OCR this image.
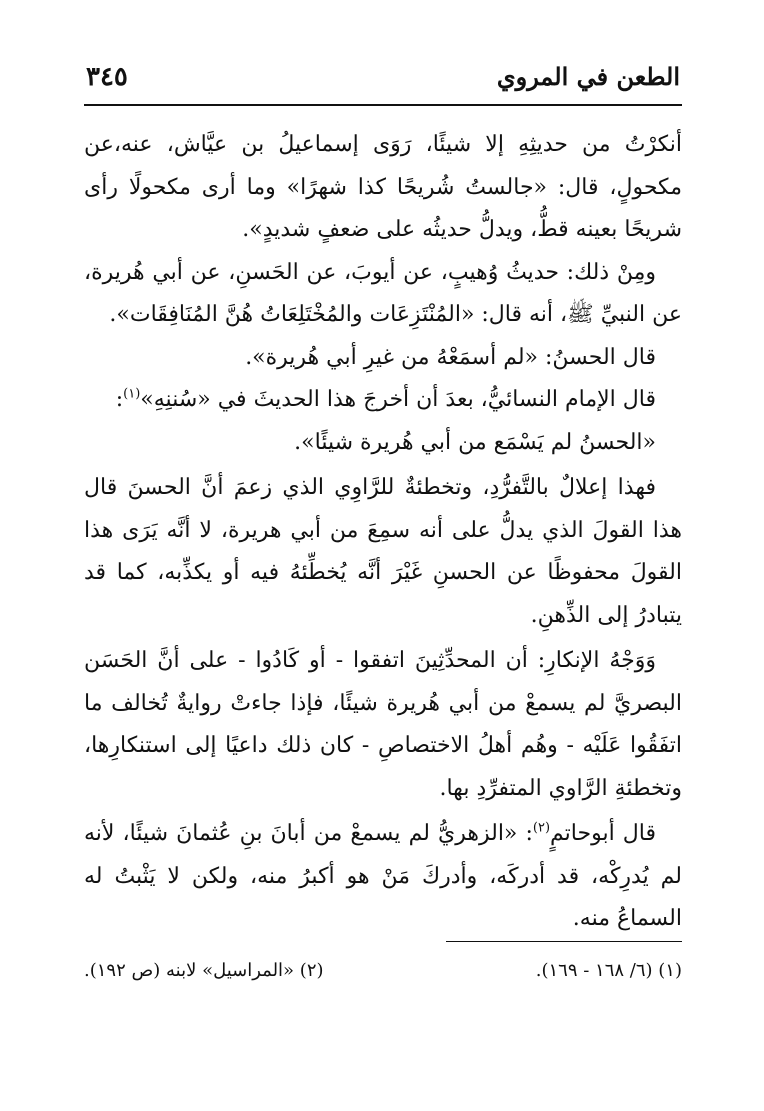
٣٤٥	الطعن في المروي

أنكرْتُ من حديثِهِ إلا شيئًا، رَوَى إسماعيلُ بن عيَّاش، عنه،عن مكحولٍ، قال: «جالستُ شُريحًا كذا شهرًا» وما أرى مكحولًا رأى شريحًا بعينه قطُّ، ويدلُّ حديثُه على ضعفٍ شديدٍ».

ومِنْ ذلك: حديثُ وُهيبٍ، عن أيوبَ، عن الحَسنِ، عن أبي هُريرة، عن النبيِّ ﷺ، أنه قال: «المُنْتَزِعَات والمُخْتَلِعَاتُ هُنَّ المُنَافِقَات».

قال الحسنُ: «لم أسمَعْهُ من غيرِ أبي هُريرة».

قال الإمام النسائيُّ، بعدَ أن أخرجَ هذا الحديثَ في «سُننِهِ»$^{(١)}$:

«الحسنُ لم يَسْمَع من أبي هُريرة شيئًا».

فهذا إعلالٌ بالتَّفرُّدِ، وتخطئةٌ للرَّاوِي الذي زعمَ أنَّ الحسنَ قال هذا القولَ الذي يدلُّ على أنه سمِعَ من أبي هريرة، لا أنَّه يَرَى هذا القولَ محفوظًا عن الحسنِ غَيْرَ أنَّه يُخطِّئهُ فيه أو يكذِّبه، كما قد يتبادرُ إلى الذِّهنِ.

وَوَجْهُ الإنكارِ: أن المحدِّثِينَ اتفقوا - أو كَادُوا - على أنَّ الحَسَن البصريَّ لم يسمعْ من أبي هُريرة شيئًا، فإذا جاءتْ روايةٌ تُخالف ما اتفَقُوا عَلَيْه - وهُم أهلُ الاختصاصِ - كان ذلك داعيًا إلى استنكارِها، وتخطئةِ الرَّاوي المتفرِّدِ بها.

قال أبوحاتمٍ$^{(٢)}$: «الزهريُّ لم يسمعْ من أبانَ بنِ عُثمانَ شيئًا، لأنه لم يُدرِكْه، قد أدركَه، وأدركَ مَنْ هو أكبرُ منه، ولكن لا يَثْبتُ له السماعُ منه.

(١) (٦/ ١٦٨ - ١٦٩).
(٢) «المراسيل» لابنه (ص ١٩٢).
